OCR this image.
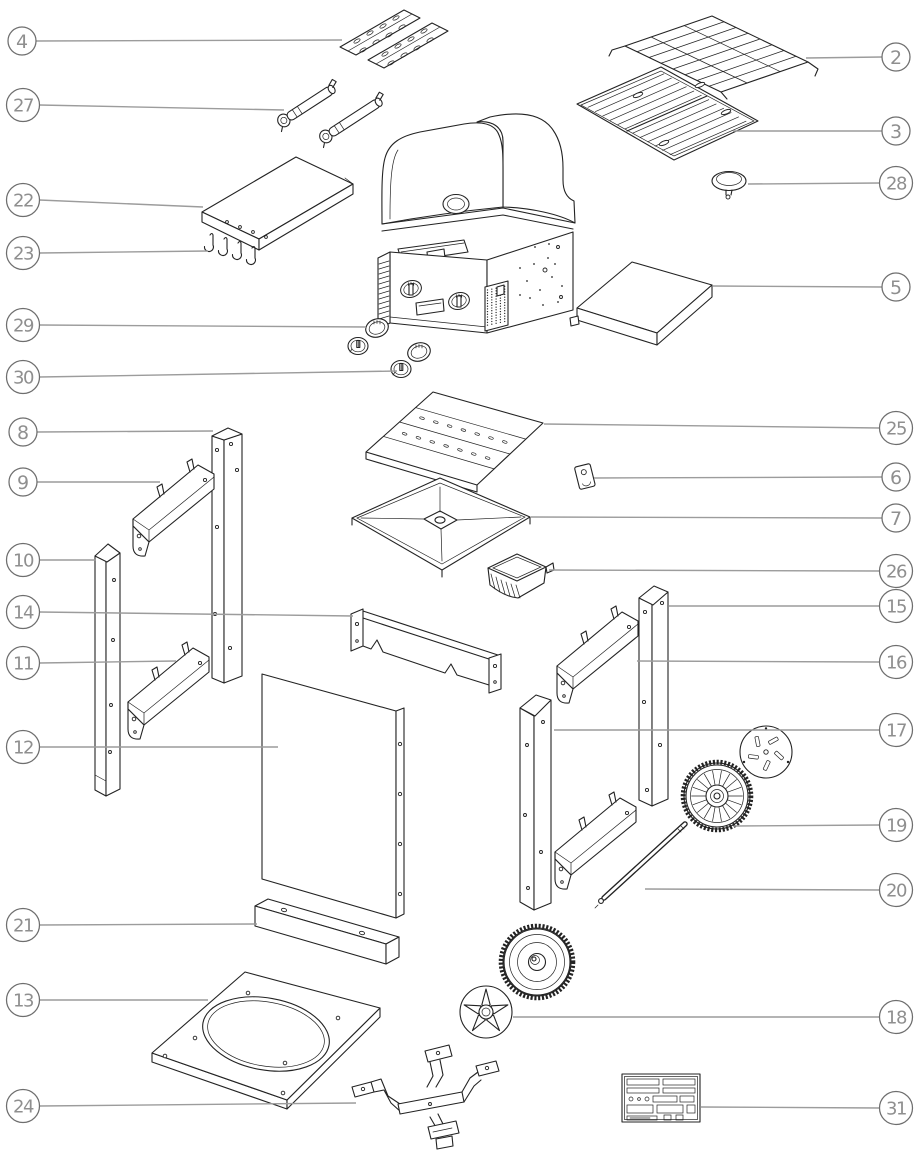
4
27
22
23
29
30
8
9
10
14
11
12
21
13
24
2
3
28
5
25
6
7
26
15
16
17
19
20
18
31
